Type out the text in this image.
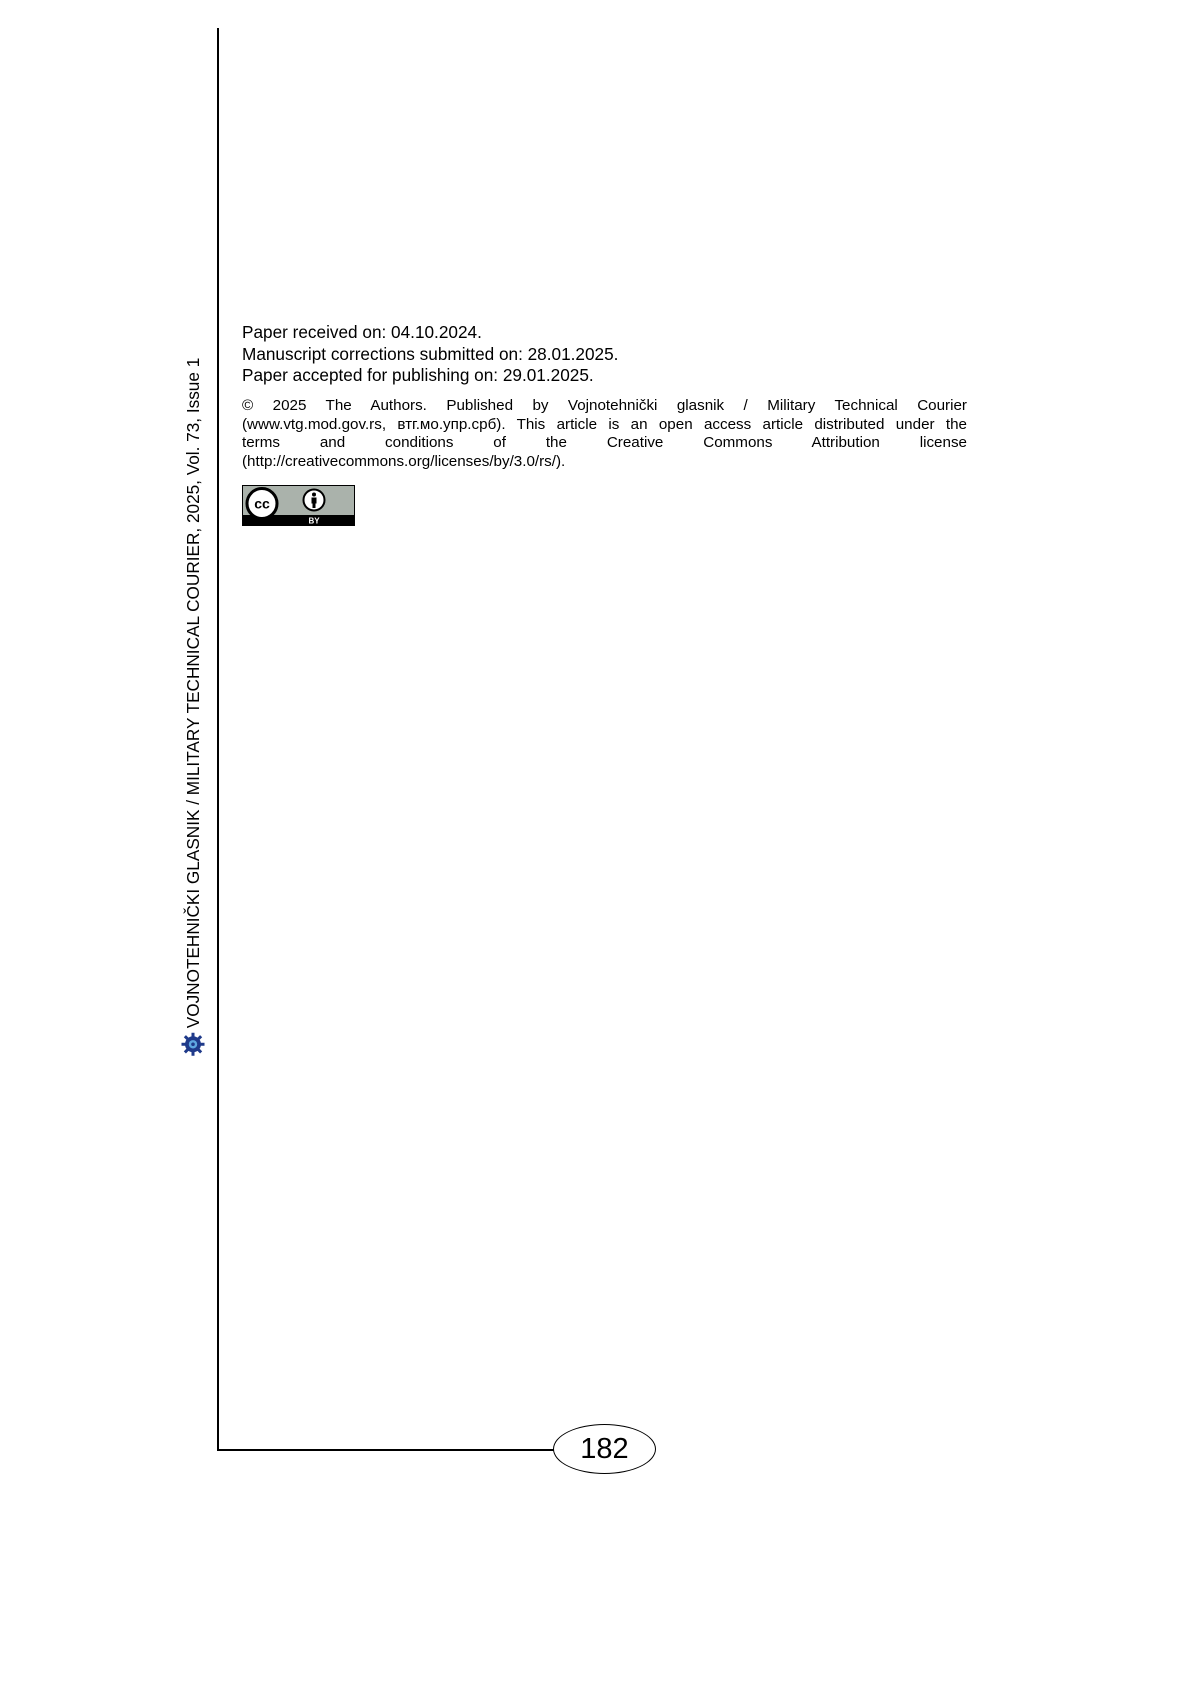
VOJNOTEHNIČKI GLASNIK / MILITARY TECHNICAL COURIER, 2025, Vol. 73, Issue 1
Paper received on: 04.10.2024.
Manuscript corrections submitted on: 28.01.2025.
Paper accepted for publishing on: 29.01.2025.
© 2025 The Authors. Published by Vojnotehnički glasnik / Military Technical Courier
(www.vtg.mod.gov.rs, втг.мо.упр.срб). This article is an open access article distributed under the
terms and conditions of the Creative Commons Attribution license
(http://creativecommons.org/licenses/by/3.0/rs/).
cc
BY
182
